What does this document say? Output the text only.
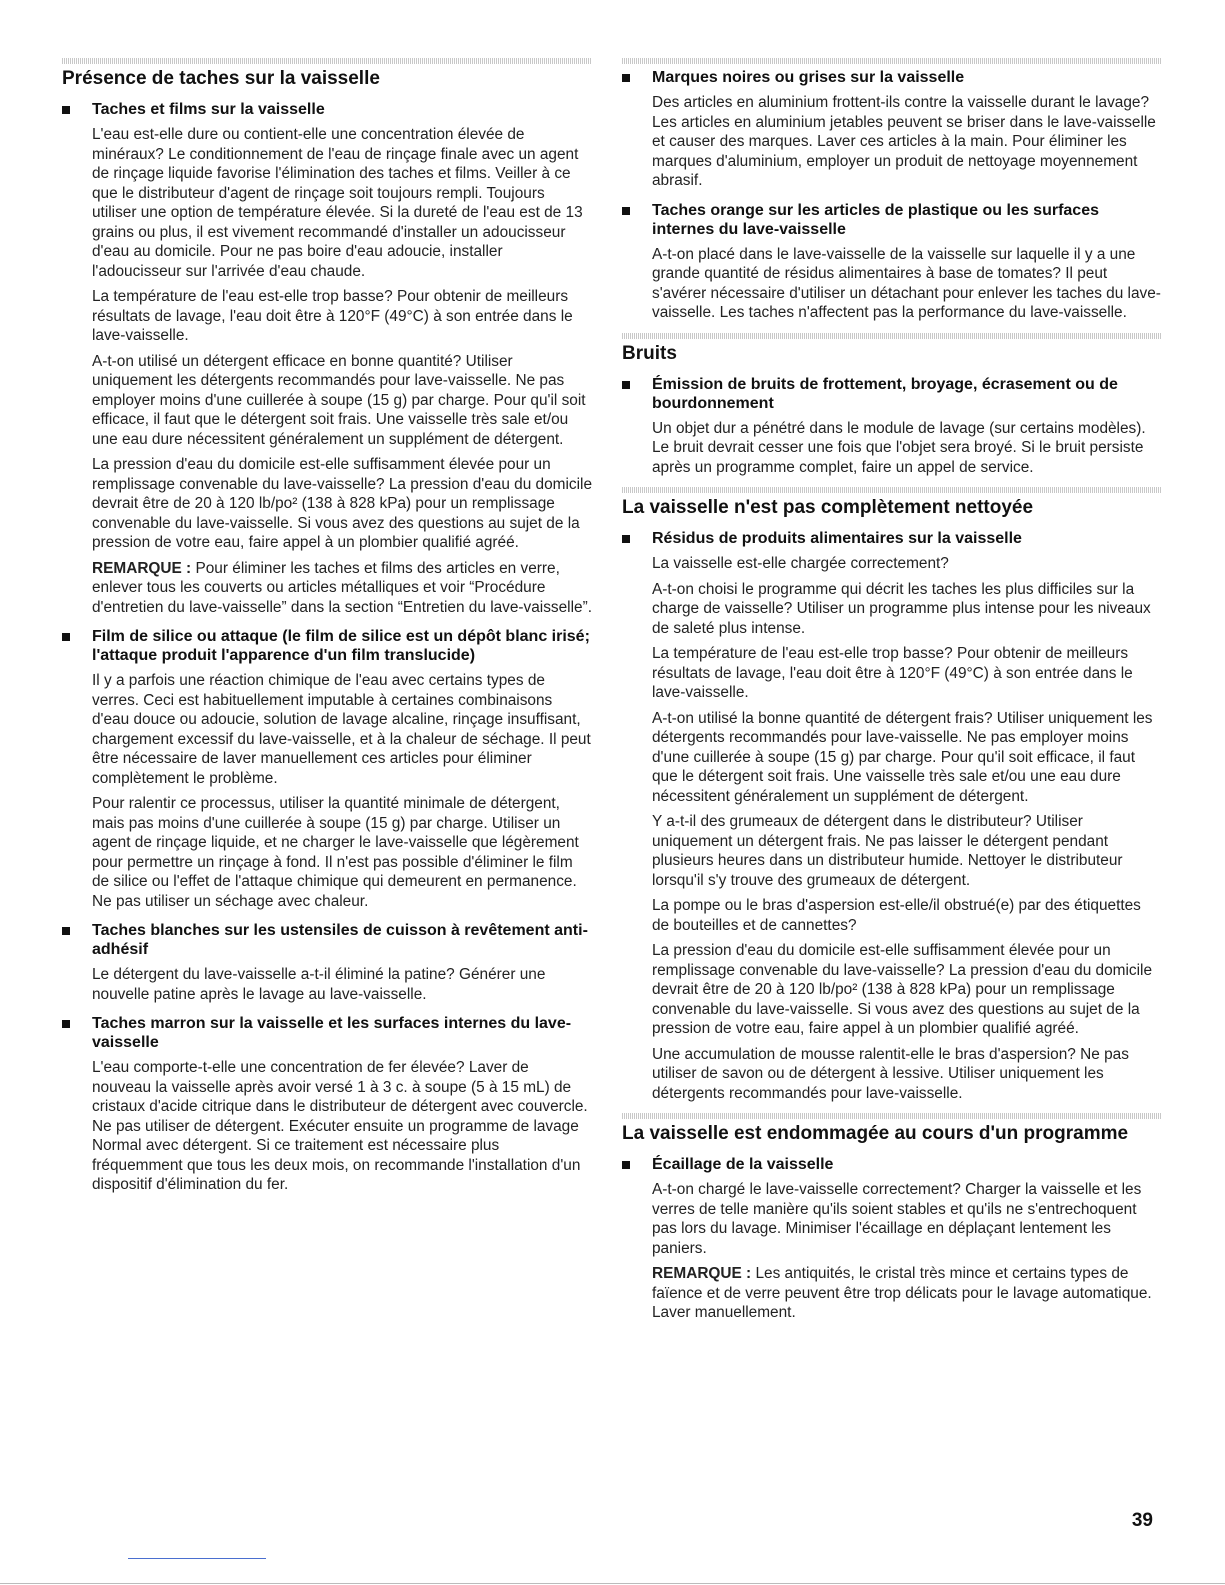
Présence de taches sur la vaisselle
Taches et films sur la vaisselle

L'eau est-elle dure ou contient-elle une concentration élevée de minéraux? Le conditionnement de l'eau de rinçage finale avec un agent de rinçage liquide favorise l'élimination des taches et films. Veiller à ce que le distributeur d'agent de rinçage soit toujours rempli. Toujours utiliser une option de température élevée. Si la dureté de l'eau est de 13 grains ou plus, il est vivement recommandé d'installer un adoucisseur d'eau au domicile. Pour ne pas boire d'eau adoucie, installer l'adoucisseur sur l'arrivée d'eau chaude.

La température de l'eau est-elle trop basse? Pour obtenir de meilleurs résultats de lavage, l'eau doit être à 120°F (49°C) à son entrée dans le lave-vaisselle.

A-t-on utilisé un détergent efficace en bonne quantité? Utiliser uniquement les détergents recommandés pour lave-vaisselle. Ne pas employer moins d'une cuillerée à soupe (15 g) par charge. Pour qu'il soit efficace, il faut que le détergent soit frais. Une vaisselle très sale et/ou une eau dure nécessitent généralement un supplément de détergent.

La pression d'eau du domicile est-elle suffisamment élevée pour un remplissage convenable du lave-vaisselle? La pression d'eau du domicile devrait être de 20 à 120 lb/po² (138 à 828 kPa) pour un remplissage convenable du lave-vaisselle. Si vous avez des questions au sujet de la pression de votre eau, faire appel à un plombier qualifié agréé.

REMARQUE : Pour éliminer les taches et films des articles en verre, enlever tous les couverts ou articles métalliques et voir “Procédure d'entretien du lave-vaisselle” dans la section “Entretien du lave-vaisselle”.

Film de silice ou attaque (le film de silice est un dépôt blanc irisé; l'attaque produit l'apparence d'un film translucide)

Il y a parfois une réaction chimique de l'eau avec certains types de verres. Ceci est habituellement imputable à certaines combinaisons d'eau douce ou adoucie, solution de lavage alcaline, rinçage insuffisant, chargement excessif du lave-vaisselle, et à la chaleur de séchage. Il peut être nécessaire de laver manuellement ces articles pour éliminer complètement le problème.

Pour ralentir ce processus, utiliser la quantité minimale de détergent, mais pas moins d'une cuillerée à soupe (15 g) par charge. Utiliser un agent de rinçage liquide, et ne charger le lave-vaisselle que légèrement pour permettre un rinçage à fond. Il n'est pas possible d'éliminer le film de silice ou l'effet de l'attaque chimique qui demeurent en permanence. Ne pas utiliser un séchage avec chaleur.

Taches blanches sur les ustensiles de cuisson à revêtement anti-adhésif

Le détergent du lave-vaisselle a-t-il éliminé la patine? Générer une nouvelle patine après le lavage au lave-vaisselle.

Taches marron sur la vaisselle et les surfaces internes du lave-vaisselle

L'eau comporte-t-elle une concentration de fer élevée? Laver de nouveau la vaisselle après avoir versé 1 à 3 c. à soupe (5 à 15 mL) de cristaux d'acide citrique dans le distributeur de détergent avec couvercle. Ne pas utiliser de détergent. Exécuter ensuite un programme de lavage Normal avec détergent. Si ce traitement est nécessaire plus fréquemment que tous les deux mois, on recommande l'installation d'un dispositif d'élimination du fer.

Marques noires ou grises sur la vaisselle

Des articles en aluminium frottent-ils contre la vaisselle durant le lavage? Les articles en aluminium jetables peuvent se briser dans le lave-vaisselle et causer des marques. Laver ces articles à la main. Pour éliminer les marques d'aluminium, employer un produit de nettoyage moyennement abrasif.

Taches orange sur les articles de plastique ou les surfaces internes du lave-vaisselle

A-t-on placé dans le lave-vaisselle de la vaisselle sur laquelle il y a une grande quantité de résidus alimentaires à base de tomates? Il peut s'avérer nécessaire d'utiliser un détachant pour enlever les taches du lave-vaisselle. Les taches n'affectent pas la performance du lave-vaisselle.

Bruits
Émission de bruits de frottement, broyage, écrasement ou de bourdonnement

Un objet dur a pénétré dans le module de lavage (sur certains modèles). Le bruit devrait cesser une fois que l'objet sera broyé. Si le bruit persiste après un programme complet, faire un appel de service.

La vaisselle n'est pas complètement nettoyée
Résidus de produits alimentaires sur la vaisselle

La vaisselle est-elle chargée correctement?

A-t-on choisi le programme qui décrit les taches les plus difficiles sur la charge de vaisselle? Utiliser un programme plus intense pour les niveaux de saleté plus intense.

La température de l'eau est-elle trop basse? Pour obtenir de meilleurs résultats de lavage, l'eau doit être à 120°F (49°C) à son entrée dans le lave-vaisselle.

A-t-on utilisé la bonne quantité de détergent frais? Utiliser uniquement les détergents recommandés pour lave-vaisselle. Ne pas employer moins d'une cuillerée à soupe (15 g) par charge. Pour qu'il soit efficace, il faut que le détergent soit frais. Une vaisselle très sale et/ou une eau dure nécessitent généralement un supplément de détergent.

Y a-t-il des grumeaux de détergent dans le distributeur? Utiliser uniquement un détergent frais. Ne pas laisser le détergent pendant plusieurs heures dans un distributeur humide. Nettoyer le distributeur lorsqu'il s'y trouve des grumeaux de détergent.

La pompe ou le bras d'aspersion est-elle/il obstrué(e) par des étiquettes de bouteilles et de cannettes?

La pression d'eau du domicile est-elle suffisamment élevée pour un remplissage convenable du lave-vaisselle? La pression d'eau du domicile devrait être de 20 à 120 lb/po² (138 à 828 kPa) pour un remplissage convenable du lave-vaisselle. Si vous avez des questions au sujet de la pression de votre eau, faire appel à un plombier qualifié agréé.

Une accumulation de mousse ralentit-elle le bras d'aspersion? Ne pas utiliser de savon ou de détergent à lessive. Utiliser uniquement les détergents recommandés pour lave-vaisselle.

La vaisselle est endommagée au cours d'un programme
Écaillage de la vaisselle

A-t-on chargé le lave-vaisselle correctement? Charger la vaisselle et les verres de telle manière qu'ils soient stables et qu'ils ne s'entrechoquent pas lors du lavage. Minimiser l'écaillage en déplaçant lentement les paniers.

REMARQUE : Les antiquités, le cristal très mince et certains types de faïence et de verre peuvent être trop délicats pour le lavage automatique. Laver manuellement.

39
